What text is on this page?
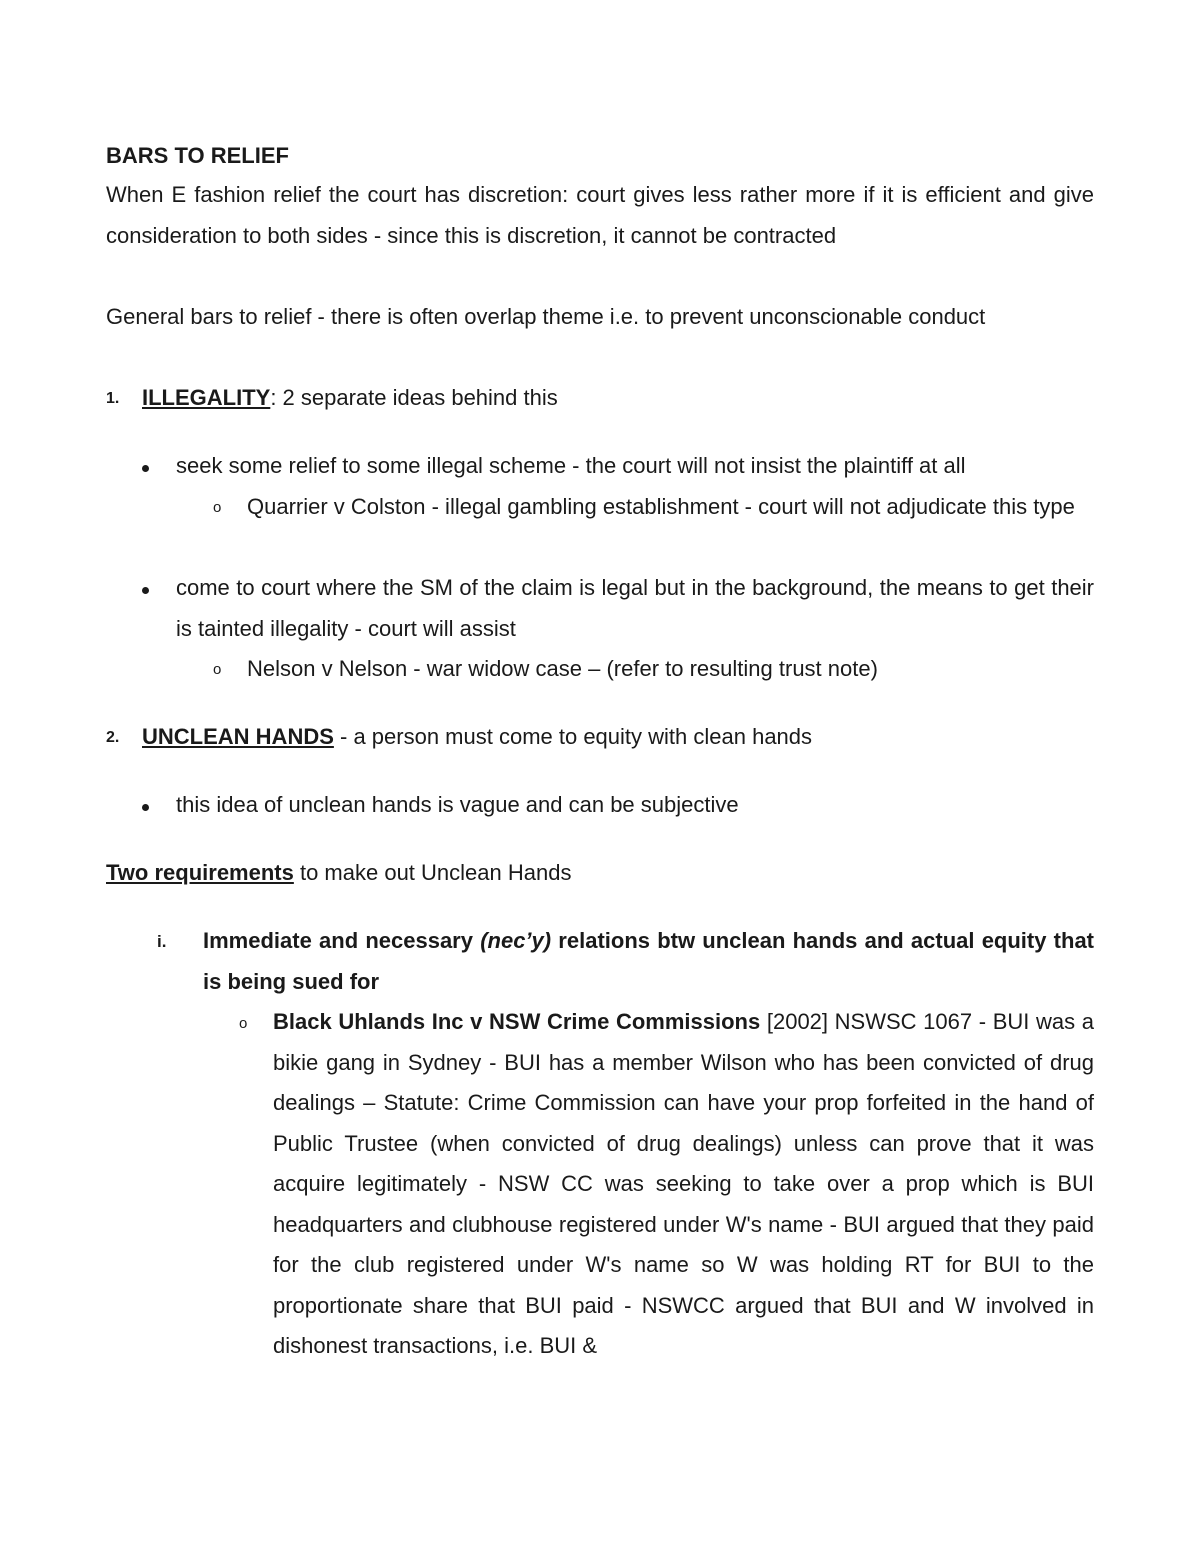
BARS TO RELIEF
When E fashion relief the court has discretion: court gives less rather more if it is efficient and give consideration to both sides - since this is discretion, it cannot be contracted
General bars to relief - there is often overlap theme i.e. to prevent unconscionable conduct
1. ILLEGALITY: 2 separate ideas behind this
seek some relief to some illegal scheme - the court will not insist the plaintiff at all
o Quarrier v Colston - illegal gambling establishment - court will not adjudicate this type
come to court where the SM of the claim is legal but in the background, the means to get their is tainted illegality - court will assist
o Nelson v Nelson - war widow case – (refer to resulting trust note)
2. UNCLEAN HANDS - a person must come to equity with clean hands
this idea of unclean hands is vague and can be subjective
Two requirements to make out Unclean Hands
i. Immediate and necessary (nec’y) relations btw unclean hands and actual equity that is being sued for
o Black Uhlands Inc v NSW Crime Commissions [2002] NSWSC 1067 - BUI was a bikie gang in Sydney - BUI has a member Wilson who has been convicted of drug dealings – Statute: Crime Commission can have your prop forfeited in the hand of Public Trustee (when convicted of drug dealings) unless can prove that it was acquire legitimately - NSW CC was seeking to take over a prop which is BUI headquarters and clubhouse registered under W's name - BUI argued that they paid for the club registered under W's name so W was holding RT for BUI to the proportionate share that BUI paid - NSWCC argued that BUI and W involved in dishonest transactions, i.e. BUI &
